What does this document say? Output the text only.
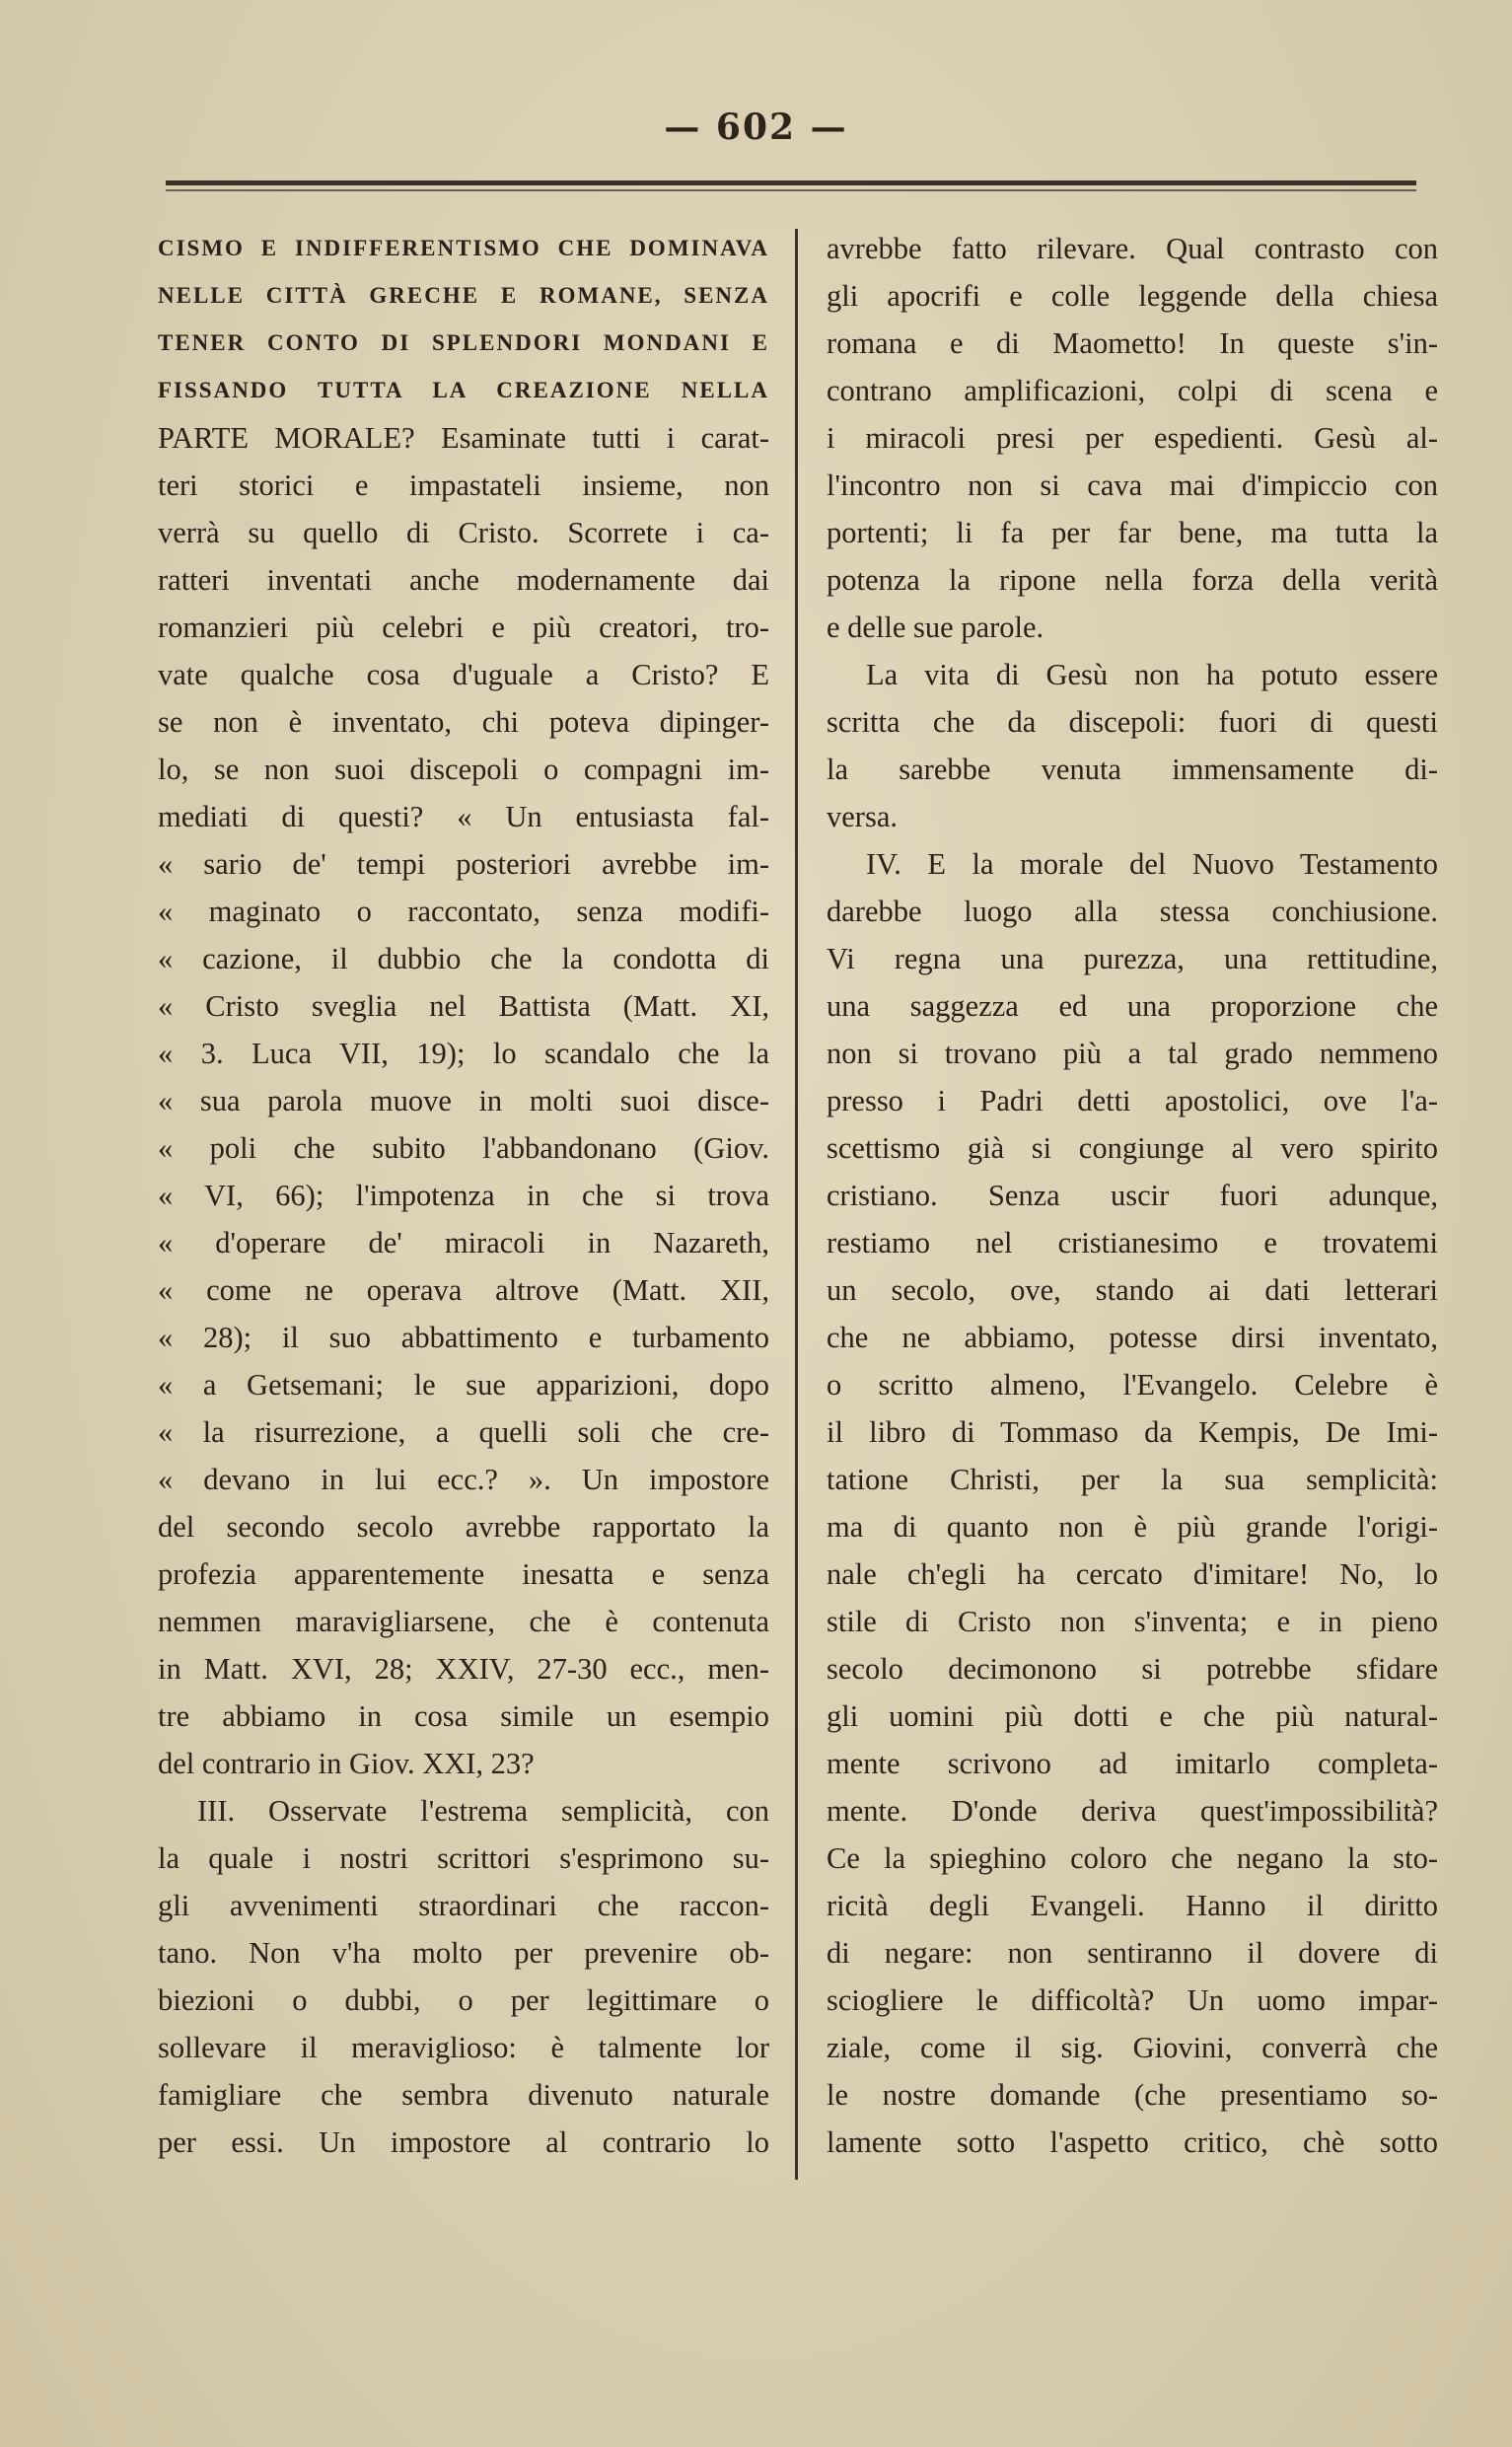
— 602 —
CISMO E INDIFFERENTISMO CHE DOMINAVA
NELLE CITTÀ GRECHE E ROMANE, SENZA
TENER CONTO DI SPLENDORI MONDANI E
FISSANDO TUTTA LA CREAZIONE NELLA
PARTE MORALE? Esaminate tutti i carat-
teri storici e impastateli insieme, non
verrà su quello di Cristo. Scorrete i ca-
ratteri inventati anche modernamente dai
romanzieri più celebri e più creatori, tro-
vate qualche cosa d'uguale a Cristo? E
se non è inventato, chi poteva dipinger-
lo, se non suoi discepoli o compagni im-
mediati di questi? « Un entusiasta fal-
« sario de' tempi posteriori avrebbe im-
« maginato o raccontato, senza modifi-
« cazione, il dubbio che la condotta di
« Cristo sveglia nel Battista (Matt. XI,
« 3. Luca VII, 19); lo scandalo che la
« sua parola muove in molti suoi disce-
« poli che subito l'abbandonano (Giov.
« VI, 66); l'impotenza in che si trova
« d'operare de' miracoli in Nazareth,
« come ne operava altrove (Matt. XII,
« 28); il suo abbattimento e turbamento
« a Getsemani; le sue apparizioni, dopo
« la risurrezione, a quelli soli che cre-
« devano in lui ecc.? ». Un impostore
del secondo secolo avrebbe rapportato la
profezia apparentemente inesatta e senza
nemmen maravigliarsene, che è contenuta
in Matt. XVI, 28; XXIV, 27-30 ecc., men-
tre abbiamo in cosa simile un esempio
del contrario in Giov. XXI, 23?
III. Osservate l'estrema semplicità, con
la quale i nostri scrittori s'esprimono su-
gli avvenimenti straordinari che raccon-
tano. Non v'ha molto per prevenire ob-
biezioni o dubbi, o per legittimare o
sollevare il meraviglioso: è talmente lor
famigliare che sembra divenuto naturale
per essi. Un impostore al contrario lo
avrebbe fatto rilevare. Qual contrasto con
gli apocrifi e colle leggende della chiesa
romana e di Maometto! In queste s'in-
contrano amplificazioni, colpi di scena e
i miracoli presi per espedienti. Gesù al-
l'incontro non si cava mai d'impiccio con
portenti; li fa per far bene, ma tutta la
potenza la ripone nella forza della verità
e delle sue parole.
La vita di Gesù non ha potuto essere
scritta che da discepoli: fuori di questi
la sarebbe venuta immensamente di-
versa.
IV. E la morale del Nuovo Testamento
darebbe luogo alla stessa conchiusione.
Vi regna una purezza, una rettitudine,
una saggezza ed una proporzione che
non si trovano più a tal grado nemmeno
presso i Padri detti apostolici, ove l'a-
scettismo già si congiunge al vero spirito
cristiano. Senza uscir fuori adunque,
restiamo nel cristianesimo e trovatemi
un secolo, ove, stando ai dati letterari
che ne abbiamo, potesse dirsi inventato,
o scritto almeno, l'Evangelo. Celebre è
il libro di Tommaso da Kempis, De Imi-
tatione Christi, per la sua semplicità:
ma di quanto non è più grande l'origi-
nale ch'egli ha cercato d'imitare! No, lo
stile di Cristo non s'inventa; e in pieno
secolo decimonono si potrebbe sfidare
gli uomini più dotti e che più natural-
mente scrivono ad imitarlo completa-
mente. D'onde deriva quest'impossibilità?
Ce la spieghino coloro che negano la sto-
ricità degli Evangeli. Hanno il diritto
di negare: non sentiranno il dovere di
sciogliere le difficoltà? Un uomo impar-
ziale, come il sig. Giovini, converrà che
le nostre domande (che presentiamo so-
lamente sotto l'aspetto critico, chè sotto
